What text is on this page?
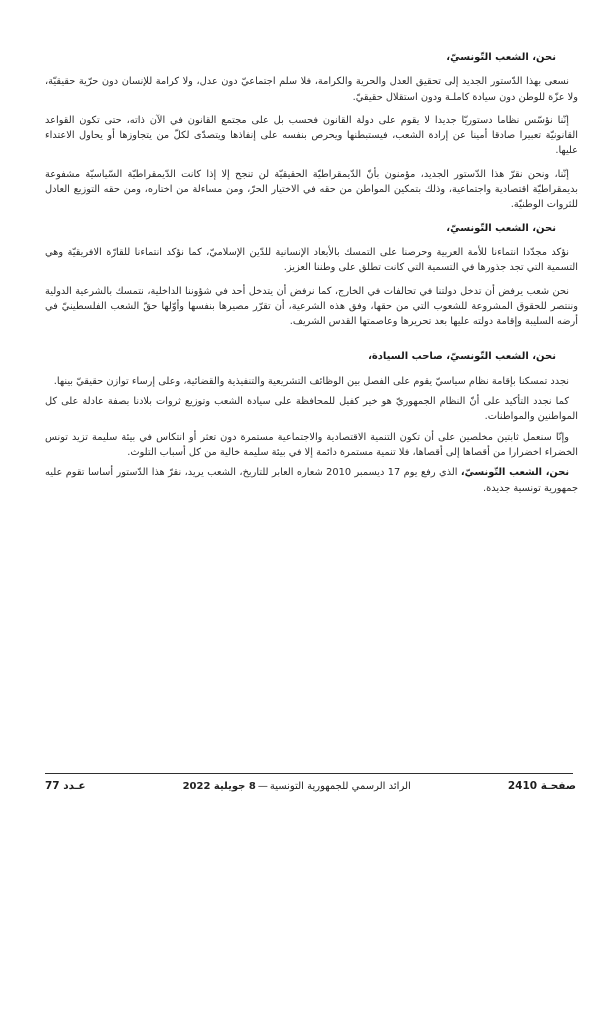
نحن، الشعب التّونسيّ،

نسعى بهذا الدّستور الجديد إلى تحقيق العدل والحرية والكرامة، فلا سلم اجتماعيّ دون عدل، ولا كرامة للإنسان دون حرّية حقيقيّة، ولا عزّة للوطن دون سيادة كاملـة ودون استقلال حقيقيّ.

إنّنا نؤسّس نظاما دستوريّا جديدا لا يقوم على دولة القانون فحسب بل على مجتمع القانون في الآن ذاته، حتى تكون القواعد القانونيّة تعبيرا صادقا أمينا عن إرادة الشعب، فيستبطنها ويحرص بنفسه على إنفاذها ويتصدّى لكلّ من يتجاوزها أو يحاول الاعتداء عليها.

إنّنا، ونحن نقرّ هذا الدّستور الجديد، مؤمنون بأنّ الدّيمقراطيّة الحقيقيّة لن تنجح إلا إذا كانت الدّيمقراطيّة السّياسيّة مشفوعة بديمقراطيّة اقتصادية واجتماعية، وذلك بتمكين المواطن من حقه في الاختيار الحرّ، ومن مساءلة من اختاره، ومن حقه التوزيع العادل للثروات الوطنيّة.

نحن، الشعب التّونسيّ،

نؤكد مجدّدا انتماءنا للأمة العربية وحرصنا على التمسك بالأبعاد الإنسانية للدّين الإسلاميّ، كما نؤكد انتماءنا للقارّة الافريقيّة وهي التسمية التي تجد جذورها في التسمية التي كانت تطلق على وطننا العزيز.

نحن شعب يرفض أن تدخل دولتنا في تحالفات في الخارج، كما نرفض أن يتدخل أحد في شؤوننا الداخلية، نتمسك بالشرعية الدولية وننتصر للحقوق المشروعة للشعوب التي من حقها، وفق هذه الشرعية، أن تقرّر مصيرها بنفسها وأوّلها حقّ الشعب الفلسطينيّ في أرضه السليبة وإقامة دولته عليها بعد تحريرها وعاصمتها القدس الشريف.

نحن، الشعب التّونسيّ، صاحب السيادة،

نجدد تمسكنا بإقامة نظام سياسيّ يقوم على الفصل بين الوظائف التشريعية والتنفيذية والقضائية، وعلى إرساء توازن حقيقيّ بينها.

كما نجدد التأكيد على أنّ النظام الجمهوريّ هو خير كفيل للمحافظة على سيادة الشعب وتوزيع ثروات بلادنا بصفة عادلة على كل المواطنين والمواطنات.

وإنّا سنعمل ثابتين مخلصين على أن تكون التنمية الاقتصادية والاجتماعية مستمرة دون تعثر أو انتكاس في بيئة سليمة تزيد تونس الخضراء اخضرارا من أقصاها إلى أقصاها، فلا تنمية مستمرة دائمة إلا في بيئة سليمة خالية من كل أسباب التلوث.

نحن، الشعب التّونسيّ، الذي رفع يوم 17 ديسمبر 2010 شعاره العابر للتاريخ، الشعب يريد، نقرّ هذا الدّستور أساسا تقوم عليه جمهورية تونسية جديدة.

صفحـة 2410
الرائد الرسمي للجمهورية التونسية—8 جويلية 2022
عـدد 77
